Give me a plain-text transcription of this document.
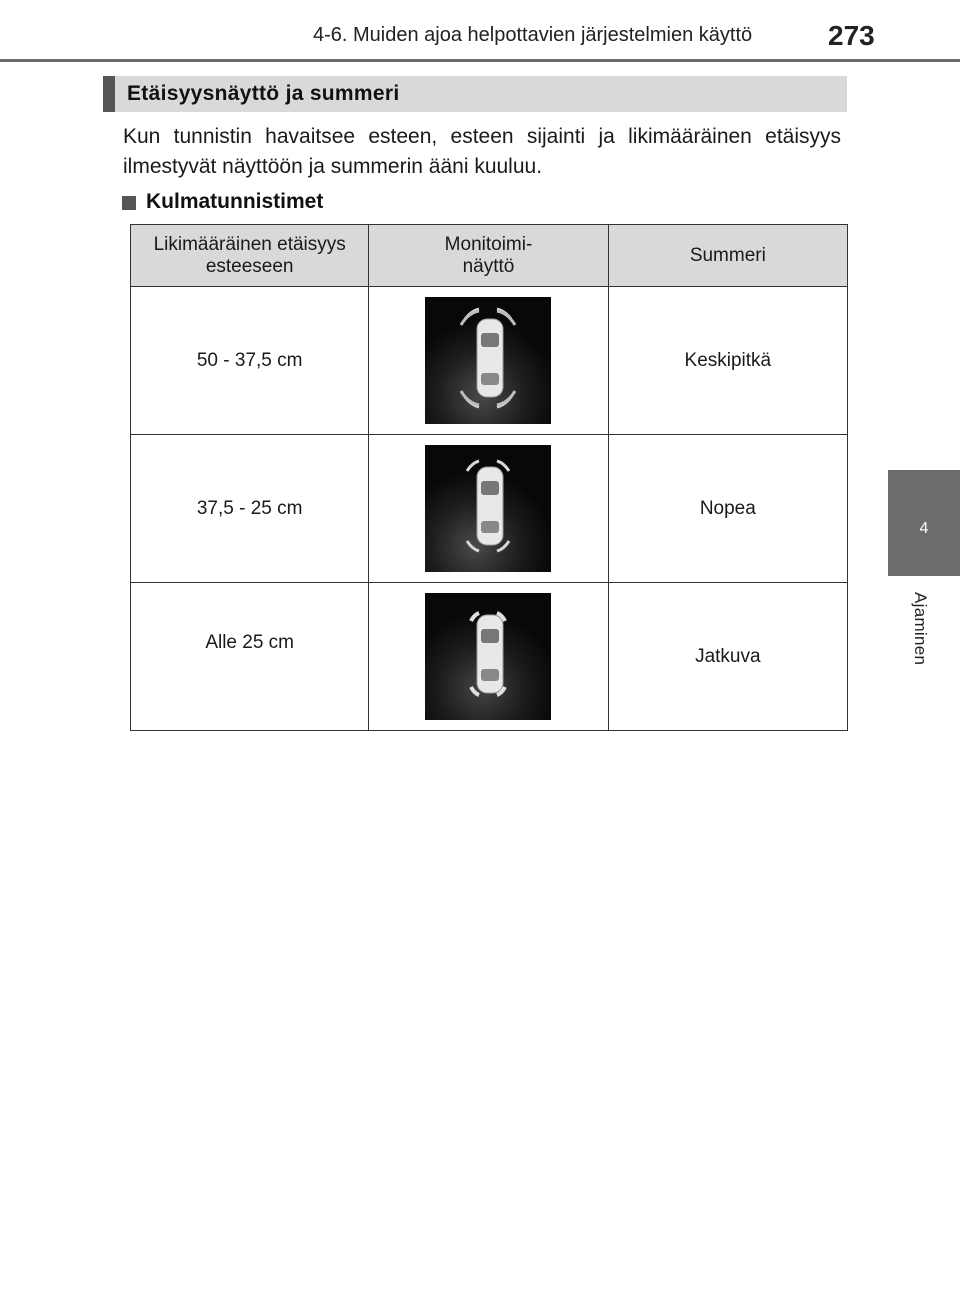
4-6. Muiden ajoa helpottavien järjestelmien käyttö	273
4
Ajaminen
Etäisyysnäyttö ja summeri
Kun tunnistin havaitsee esteen, esteen sijainti ja likimääräinen etäisyys ilmestyvät näyttöön ja summerin ääni kuuluu.
Kulmatunnistimet
Likimääräinen etäisyys esteeseen	Monitoimi-näyttö	Summeri
50 - 37,5 cm		Keskipitkä
37,5 - 25 cm		Nopea
Alle 25 cm		Jatkuva
